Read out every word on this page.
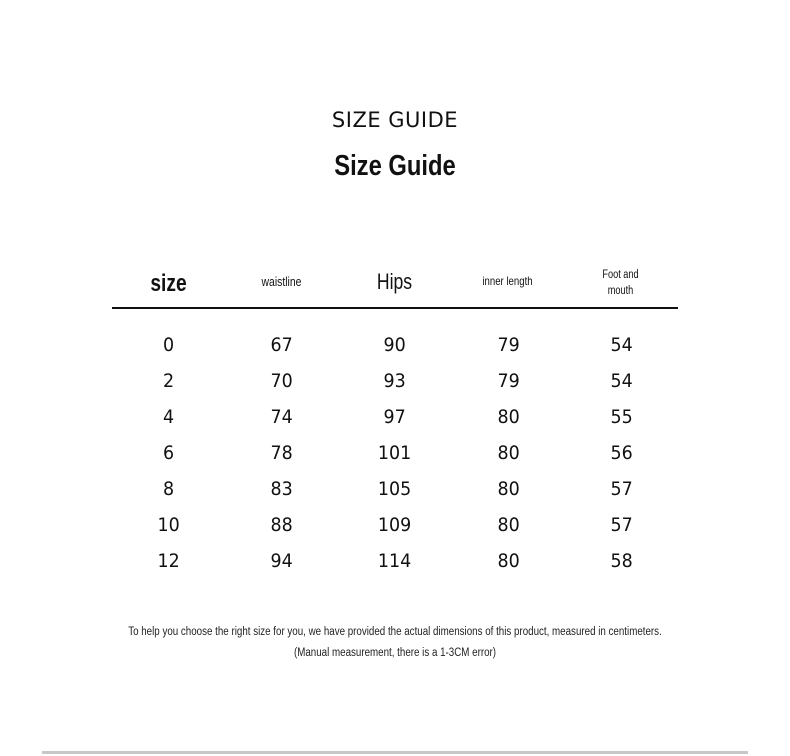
SIZE GUIDE
Size Guide
size	waistline	Hips	inner length	Foot and
mouth
0	67	90	79	54
2	70	93	79	54
4	74	97	80	55
6	78	101	80	56
8	83	105	80	57
10	88	109	80	57
12	94	114	80	58
To help you choose the right size for you, we have provided the actual dimensions of this product, measured in centimeters.
(Manual measurement, there is a 1-3CM error)
